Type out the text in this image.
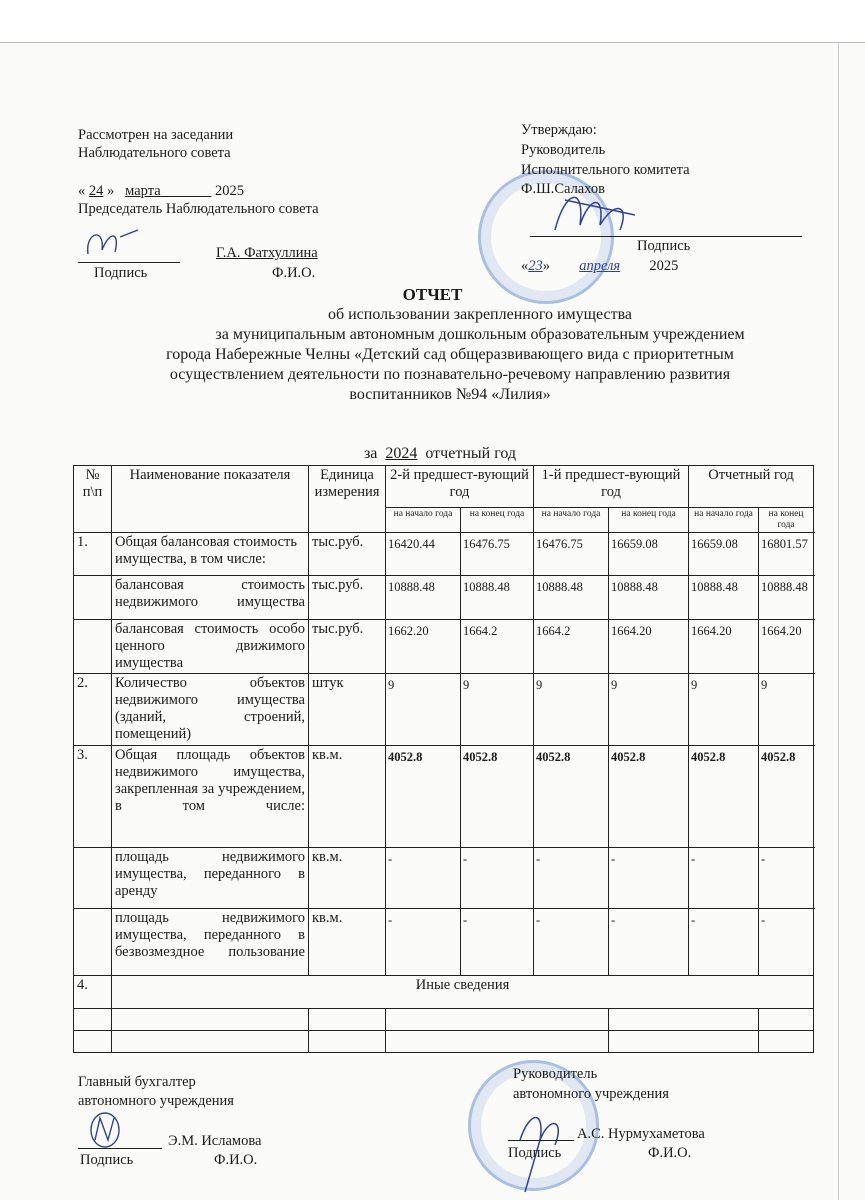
Рассмотрен на заседании
Наблюдательного совета
« 24 »   марта	2025
Председатель Наблюдательного совета
Г.А. Фатхуллина
Подпись	Ф.И.О.
Утверждаю:
Руководитель
Исполнительного комитета
Ф.Ш.Салахов
Подпись
«23»  апреля 2025
ОТЧЕТ
об использовании закрепленного имущества
за муниципальным автономным дошкольным образовательным учреждением
города Набережные Челны «Детский сад общеразвивающего вида с приоритетным
осуществлением деятельности по познавательно-речевому направлению развития
воспитанников №94 «Лилия»
за 2024 отчетный год
№ п\п	Наименование показателя	Единица измерения	2-й предшест-вующий год		1-й предшест-вующий год		Отчетный год	
			на начало года	на конец года	на начало года	на конец года	на начало года	на конец года
1.	Общая балансовая стоимость имущества, в том числе:	тыс.руб.	16420.44	16476.75	16476.75	16659.08	16659.08	16801.57
	балансовая стоимость недвижимого имущества	тыс.руб.	10888.48	10888.48	10888.48	10888.48	10888.48	10888.48
	балансовая стоимость особо ценного движимого имущества	тыс.руб.	1662.20	1664.2	1664.2	1664.20	1664.20	1664.20
2.	Количество объектов недвижимого имущества (зданий, строений, помещений)	штук	9	9	9	9	9	9
3.	Общая площадь объектов недвижимого имущества, закрепленная за учреждением, в том числе:	кв.м.	4052.8	4052.8	4052.8	4052.8	4052.8	4052.8
	площадь недвижимого имущества, переданного в аренду	кв.м.	-	-	-	-	-	-
	площадь недвижимого имущества, переданного в безвозмездное пользование	кв.м.	-	-	-	-	-	-
4.	Иные сведения							

Главный бухгалтер
автономного учреждения
Э.М. Исламова
Подпись	Ф.И.О.
Руководитель
автономного учреждения
А.С. Нурмухаметова
Подпись	Ф.И.О.
